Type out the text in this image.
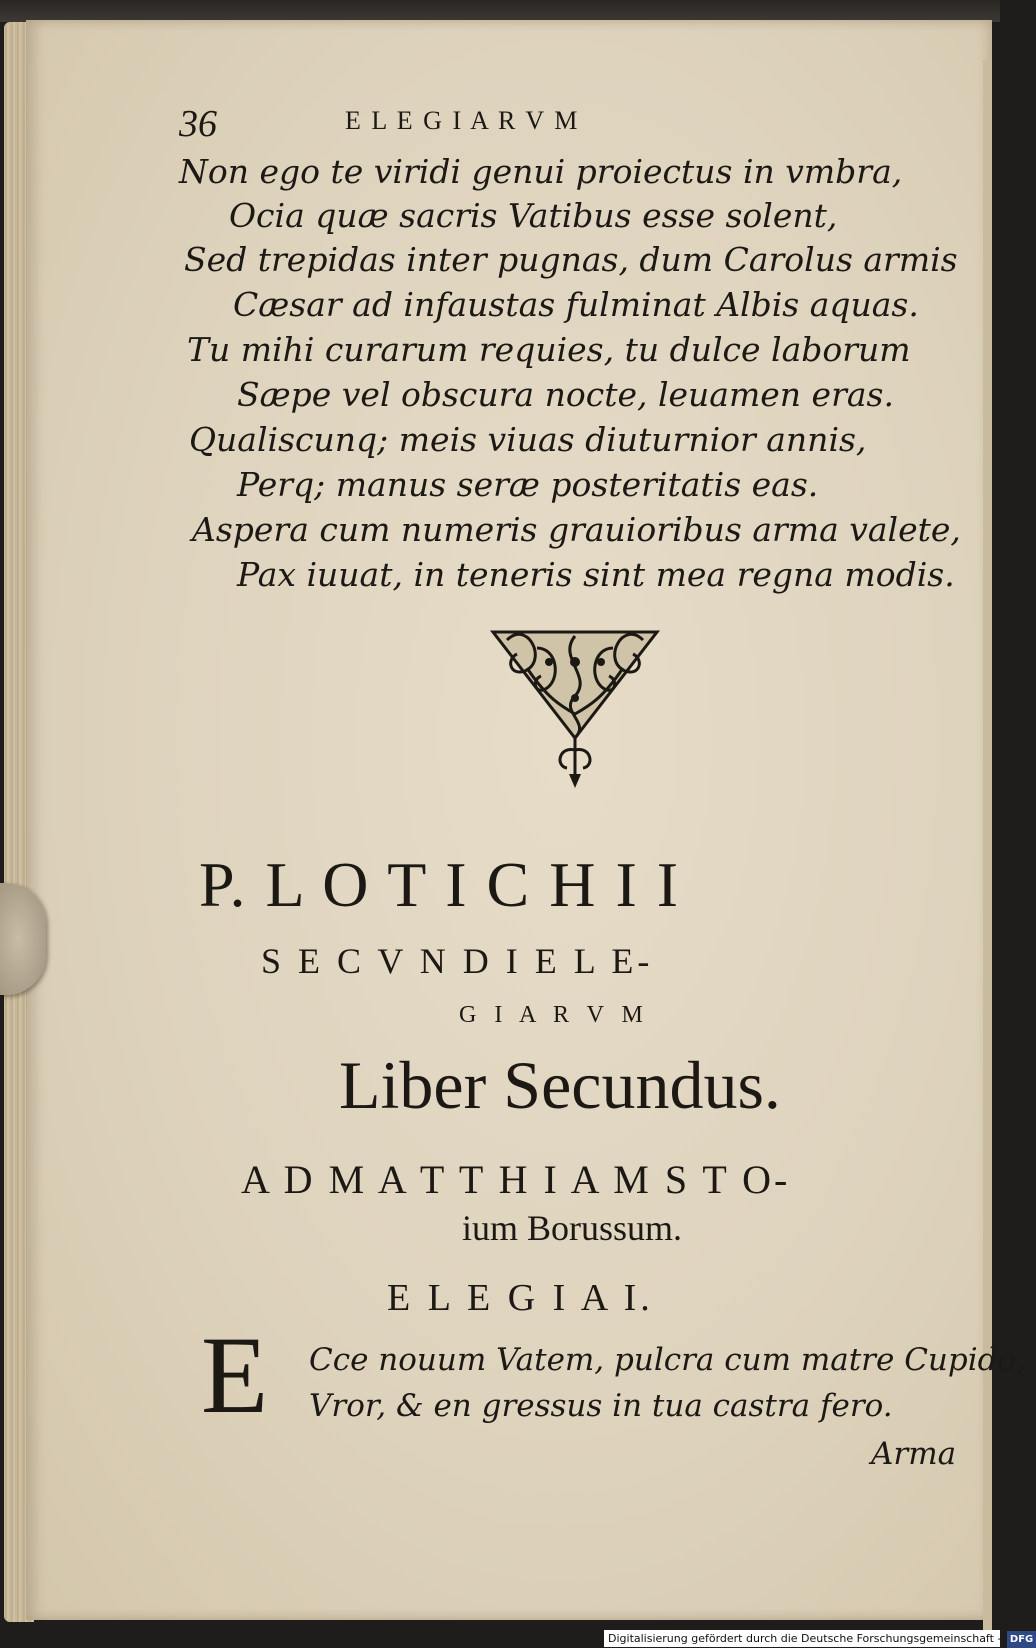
36	E L E G I A R V M

Non ego te viridi genui proiectus in vmbra,

Ocia quæ sacris Vatibus esse solent,

Sed trepidas inter pugnas, dum Carolus armis

Cæsar ad infaustas fulminat Albis aquas.

Tu mihi curarum requies, tu dulce laborum

Sæpe vel obscura nocte, leuamen eras.

Qualiscunq; meis viuas diuturnior annis,

Perq; manus seræ posteritatis eas.

Aspera cum numeris grauioribus arma valete,

Pax iuuat, in teneris sint mea regna modis.

P. L O T I C H I I
S E C V N D I E L E-
G I A R V M
Liber Secundus.
A D M A T T H I A M S T O-
ium Borussum.
E L E G I A I.
E Cce nouum Vatem, pulcra cum matre Cupido,

Vror, & en gressus in tua castra fero.

Arma

Digitalisierung gefördert durch die Deutsche Forschungsgemeinschaft - DFG
